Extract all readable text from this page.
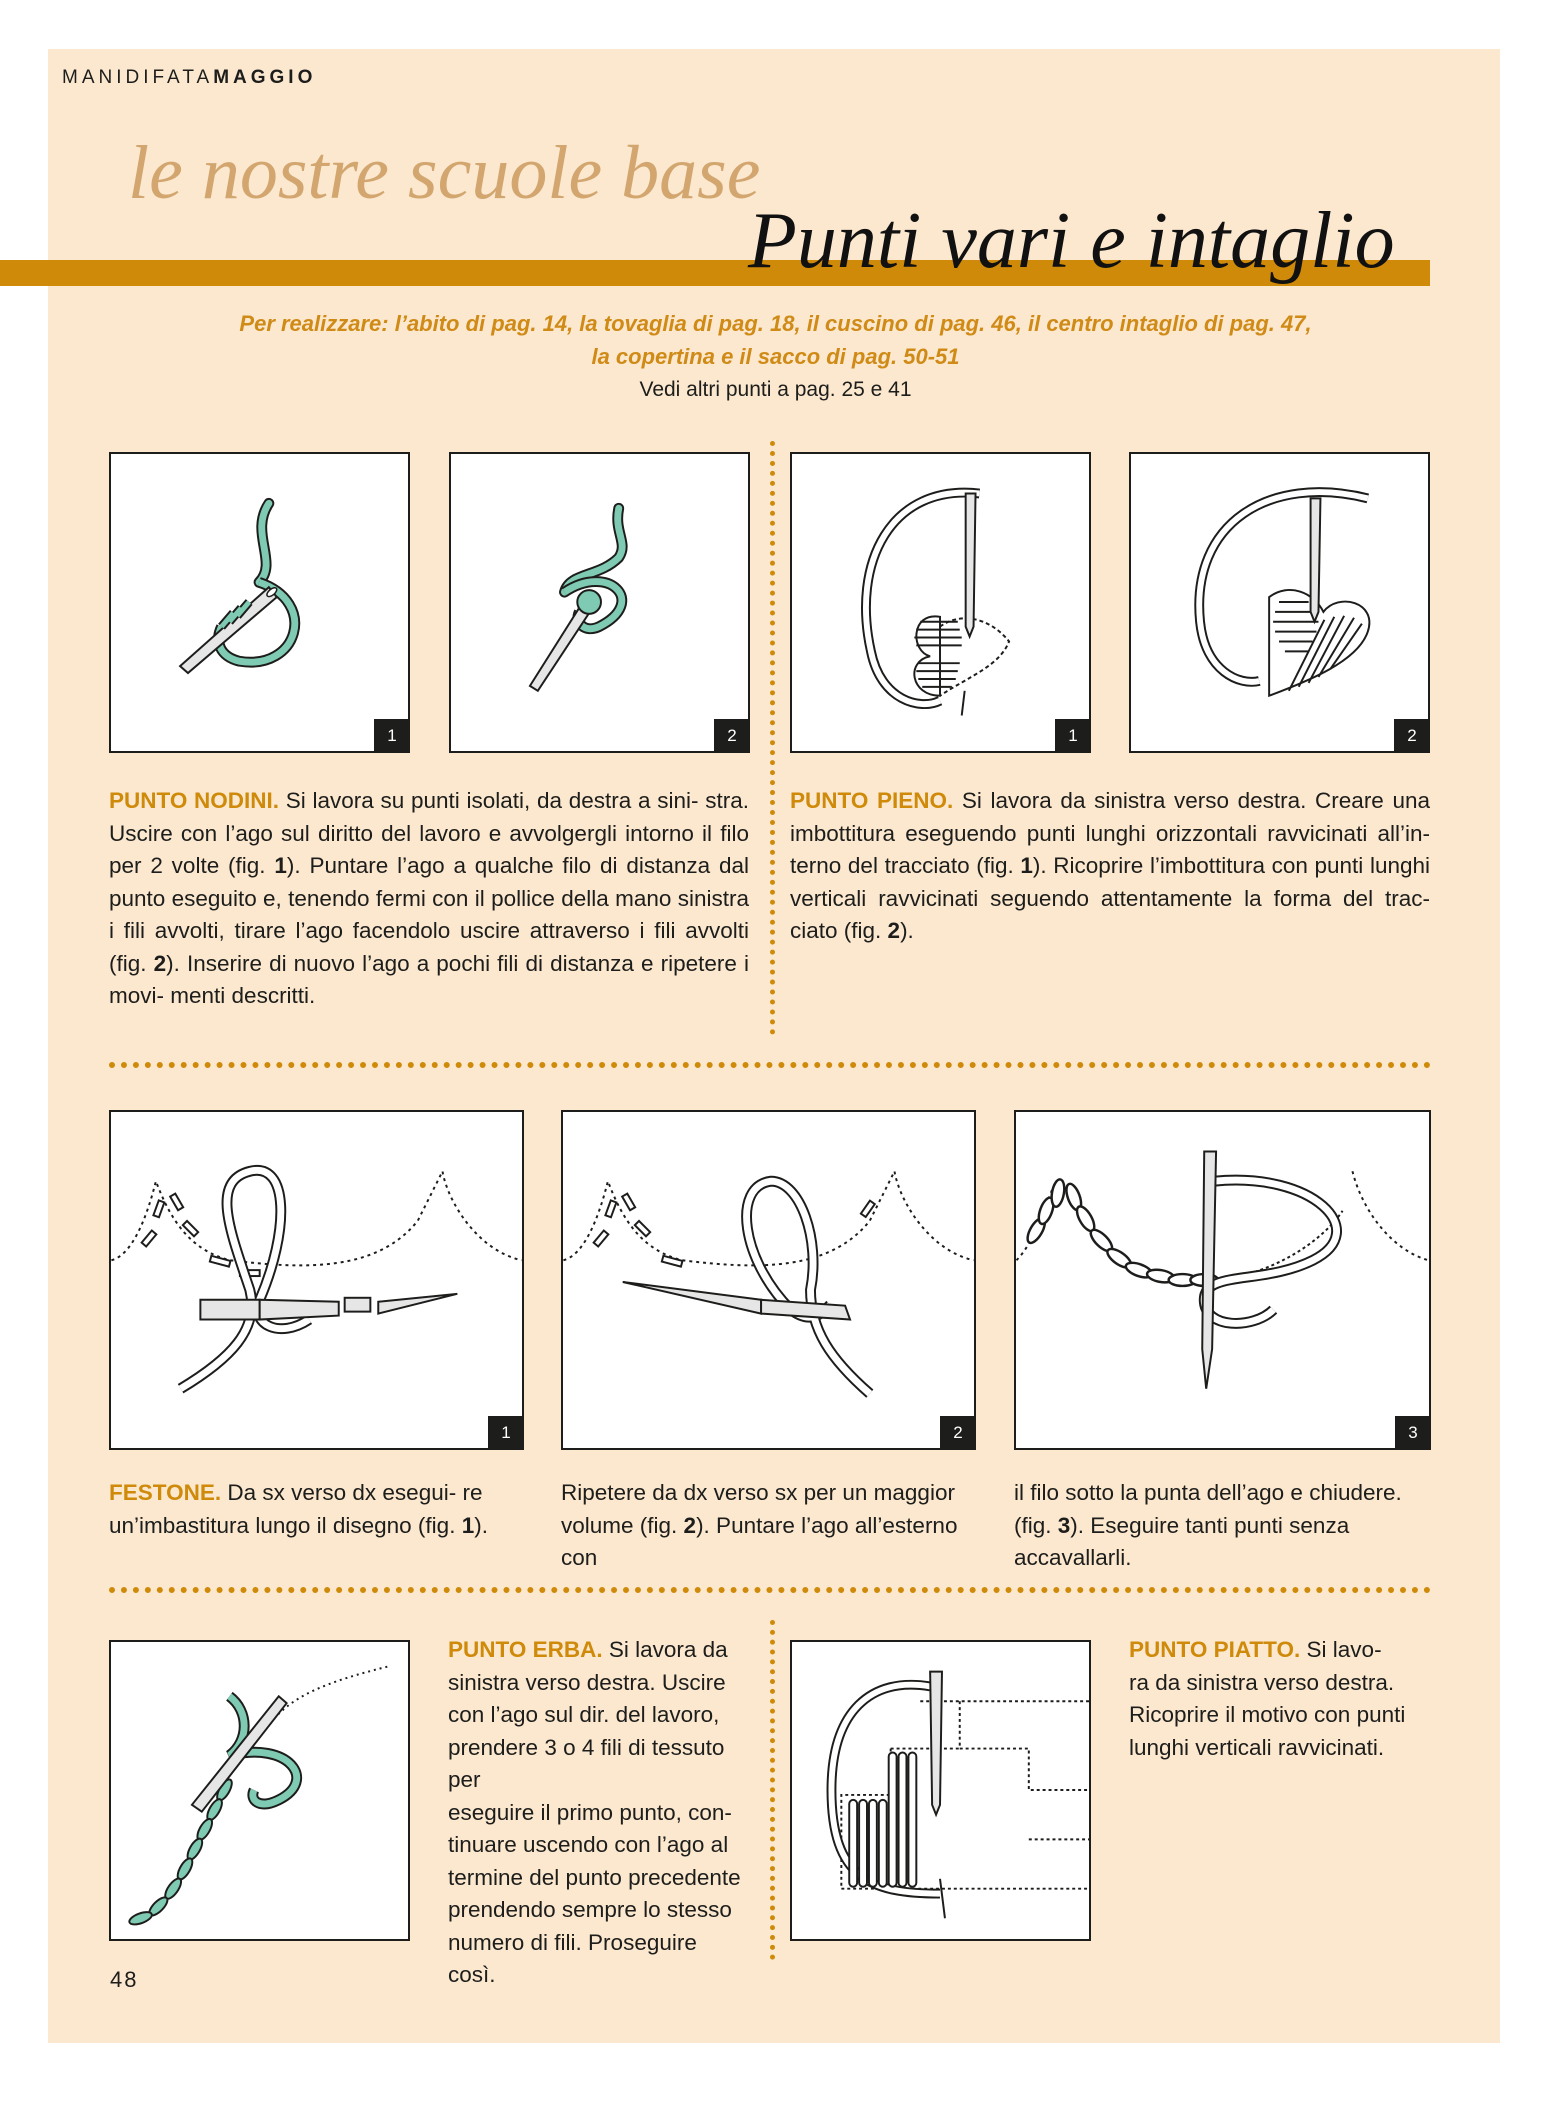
MANIDIFATAMAGGIO
le nostre scuole base
Punti vari e intaglio
Per realizzare: l’abito di pag. 14, la tovaglia di pag. 18, il cuscino di pag. 46, il centro intaglio di pag. 47,
la copertina e il sacco di pag. 50-51
Vedi altri punti a pag. 25 e 41
1	2	1	2
PUNTO NODINI. Si lavora su punti isolati, da destra a sini- stra. Uscire con l’ago sul diritto del lavoro e avvolgergli intorno il filo per 2 volte (fig. 1). Puntare l’ago a qualche filo di distanza dal punto eseguito e, tenendo fermi con il pollice della mano sinistra i fili avvolti, tirare l’ago facendolo uscire attraverso i fili avvolti (fig. 2). Inserire di nuovo l’ago a pochi fili di distanza e ripetere i movi- menti descritti.
PUNTO PIENO. Si lavora da sinistra verso destra. Creare una imbottitura eseguendo punti lunghi orizzontali ravvicinati all’in- terno del tracciato (fig. 1). Ricoprire l’imbottitura con punti lunghi verticali ravvicinati seguendo attentamente la forma del trac- ciato (fig. 2).
1	2	3
FESTONE. Da sx verso dx esegui- re un’imbastitura lungo il disegno (fig. 1).
Ripetere da dx verso sx per un maggior volume (fig. 2). Puntare l’ago all’esterno con
il filo sotto la punta dell’ago e chiudere. (fig. 3). Eseguire tanti punti senza accavallarli.
PUNTO ERBA. Si lavora da
sinistra verso destra. Uscire
con l’ago sul dir. del lavoro,
prendere 3 o 4 fili di tessuto per
eseguire il primo punto, con-
tinuare uscendo con l’ago al
termine del punto precedente
prendendo sempre lo stesso
numero di fili. Proseguire così.
PUNTO PIATTO. Si lavo-
ra da sinistra verso destra.
Ricoprire il motivo con punti
lunghi verticali ravvicinati.
48
